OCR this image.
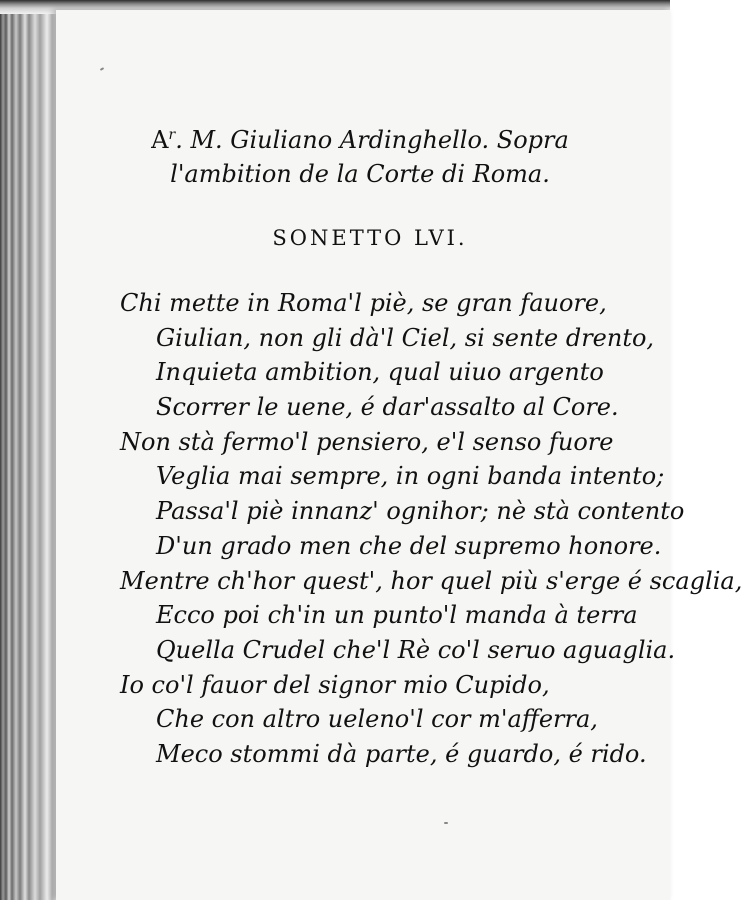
$A^r$. M. Giuliano Ardinghello. Sopra
l'ambition de la Corte di Roma.
SONETTO LVI.
Chi mette in Roma'l piè, se gran fauore,
Giulian, non gli dà'l Ciel, si sente drento,
Inquieta ambition, qual uiuo argento
Scorrer le uene, é dar'assalto al Core.
Non stà fermo'l pensiero, e'l senso fuore
Veglia mai sempre, in ogni banda intento;
Passa'l piè innanz' ognihor; nè stà contento
D'un grado men che del supremo honore.
Mentre ch'hor quest', hor quel più s'erge é scaglia,
Ecco poi ch'in un punto'l manda à terra
Quella Crudel che'l Rè co'l seruo aguaglia.
Io co'l fauor del signor mio Cupido,
Che con altro ueleno'l cor m'afferra,
Meco stommi dà parte, é guardo, é rido.
